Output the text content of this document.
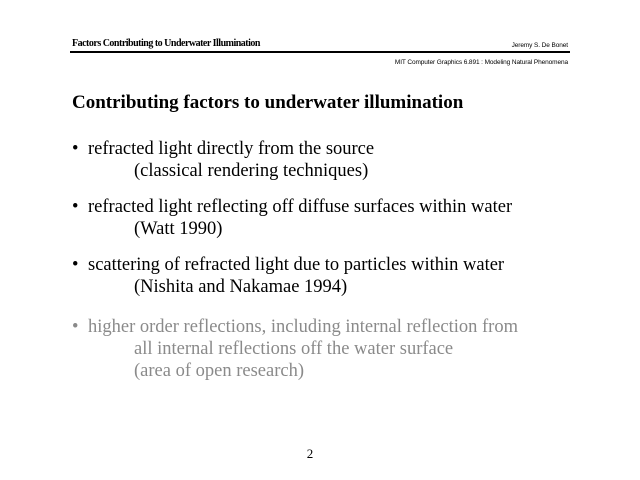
Factors Contributing to Underwater Illumination	Jeremy S. De Bonet
MIT Computer Graphics 6.891 : Modeling Natural Phenomena
Contributing factors to underwater illumination
• refracted light directly from the source
(classical rendering techniques)
• refracted light reflecting off diffuse surfaces within water
(Watt 1990)
• scattering of refracted light due to particles within water
(Nishita and Nakamae 1994)
• higher order reflections, including internal reflection from
all internal reflections off the water surface
(area of open research)
2
